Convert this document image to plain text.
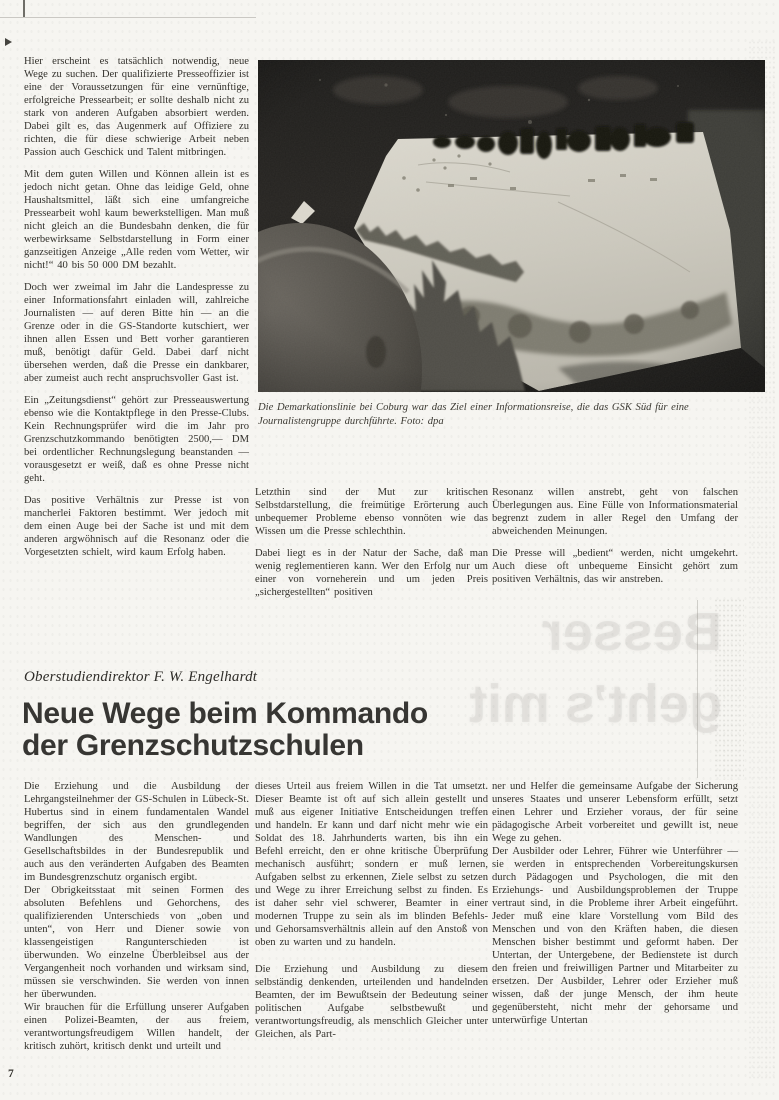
Hier erscheint es tatsächlich notwendig, neue Wege zu suchen. Der qualifizierte Presseoffizier ist eine der Voraussetzungen für eine vernünftige, erfolgreiche Pressearbeit; er sollte deshalb nicht zu stark von anderen Aufgaben absorbiert werden. Dabei gilt es, das Augenmerk auf Offiziere zu richten, die für diese schwierige Arbeit neben Passion auch Geschick und Talent mitbringen.

Mit dem guten Willen und Können allein ist es jedoch nicht getan. Ohne das leidige Geld, ohne Haushaltsmittel, läßt sich eine umfangreiche Pressearbeit wohl kaum bewerkstelligen. Man muß nicht gleich an die Bundesbahn denken, die für werbewirksame Selbstdarstellung in Form einer ganzseitigen Anzeige „Alle reden vom Wetter, wir nicht!“ 40 bis 50 000 DM bezahlt.

Doch wer zweimal im Jahr die Landespresse zu einer Informationsfahrt einladen will, zahlreiche Journalisten — auf deren Bitte hin — an die Grenze oder in die GS-Standorte kutschiert, wer ihnen allen Essen und Bett vorher garantieren muß, benötigt dafür Geld. Dabei darf nicht übersehen werden, daß die Presse ein dankbarer, aber zumeist auch recht anspruchsvoller Gast ist.

Ein „Zeitungsdienst“ gehört zur Presseauswertung ebenso wie die Kontaktpflege in den Presse-Clubs. Kein Rechnungsprüfer wird die im Jahr pro Grenzschutzkommando benötigten 2500,— DM bei ordentlicher Rechnungslegung beanstanden — vorausgesetzt er weiß, daß es ohne Presse nicht geht.

Das positive Verhältnis zur Presse ist von mancherlei Faktoren bestimmt. Wer jedoch mit dem einen Auge bei der Sache ist und mit dem anderen argwöhnisch auf die Resonanz oder die Vorgesetzten schielt, wird kaum Erfolg haben.

Die Demarkationslinie bei Coburg war das Ziel einer Informationsreise, die das GSK Süd für eine Journalistengruppe durchführte. Foto: dpa

Letzthin sind der Mut zur kritischen Selbstdarstellung, die freimütige Erörterung auch unbequemer Probleme ebenso vonnöten wie das Wissen um die Presse schlechthin.

Dabei liegt es in der Natur der Sache, daß man wenig reglementieren kann. Wer den Erfolg nur um einer von vorneherein und um jeden Preis „sichergestellten“ positiven

Resonanz willen anstrebt, geht von falschen Überlegungen aus. Eine Fülle von Informationsmaterial begrenzt zudem in aller Regel den Umfang der abweichenden Meinungen.

Die Presse will „bedient“ werden, nicht umgekehrt. Auch diese oft unbequeme Einsicht gehört zum positiven Verhältnis, das wir anstreben.

Besser
geht’s mit
Oberstudiendirektor F. W. Engelhardt
Neue Wege beim Kommando
der Grenzschutzschulen

Die Erziehung und die Ausbildung der Lehrgangsteilnehmer der GS-Schulen in Lübeck-St. Hubertus sind in einem fundamentalen Wandel begriffen, der sich aus den grundlegenden Wandlungen des Menschen- und Gesellschaftsbildes in der Bundesrepublik und auch aus den veränderten Aufgaben des Beamten im Bundesgrenzschutz organisch ergibt.

Der Obrigkeitsstaat mit seinen Formen des absoluten Befehlens und Gehorchens, des qualifizierenden Unterschieds von „oben und unten“, von Herr und Diener sowie von klassengeistigen Rangunterschieden ist überwunden. Wo einzelne Überbleibsel aus der Vergangenheit noch vorhanden und wirksam sind, müssen sie verschwinden. Sie werden von innen her überwunden.

Wir brauchen für die Erfüllung unserer Aufgaben einen Polizei-Beamten, der aus freiem, verantwortungsfreudigem Willen handelt, der kritisch zuhört, kritisch denkt und urteilt und

dieses Urteil aus freiem Willen in die Tat umsetzt. Dieser Beamte ist oft auf sich allein gestellt und muß aus eigener Initiative Entscheidungen treffen und handeln. Er kann und darf nicht mehr wie ein Soldat des 18. Jahrhunderts warten, bis ihn ein Befehl erreicht, den er ohne kritische Überprüfung mechanisch ausführt; sondern er muß lernen, Aufgaben selbst zu erkennen, Ziele selbst zu setzen und Wege zu ihrer Erreichung selbst zu finden. Es ist daher sehr viel schwerer, Beamter in einer modernen Truppe zu sein als im blinden Befehls- und Gehorsamsverhältnis allein auf den Anstoß von oben zu warten und zu handeln.

Die Erziehung und Ausbildung zu diesem selbständig denkenden, urteilenden und handelnden Beamten, der im Bewußtsein der Bedeutung seiner politischen Aufgabe selbstbewußt und verantwortungsfreudig, als menschlich Gleicher unter Gleichen, als Part-

ner und Helfer die gemeinsame Aufgabe der Sicherung unseres Staates und unserer Lebensform erfüllt, setzt einen Lehrer und Erzieher voraus, der für seine pädagogische Arbeit vorbereitet und gewillt ist, neue Wege zu gehen.

Der Ausbilder oder Lehrer, Führer wie Unterführer — sie werden in entsprechenden Vorbereitungskursen durch Pädagogen und Psychologen, die mit den Erziehungs- und Ausbildungsproblemen der Truppe vertraut sind, in die Probleme ihrer Arbeit eingeführt. Jeder muß eine klare Vorstellung vom Bild des Menschen und von den Kräften haben, die diesen Menschen bisher bestimmt und geformt haben. Der Untertan, der Untergebene, der Bedienstete ist durch den freien und freiwilligen Partner und Mitarbeiter zu ersetzen. Der Ausbilder, Lehrer oder Erzieher muß wissen, daß der junge Mensch, der ihm heute gegenübersteht, nicht mehr der gehorsame und unterwürfige Untertan

7
